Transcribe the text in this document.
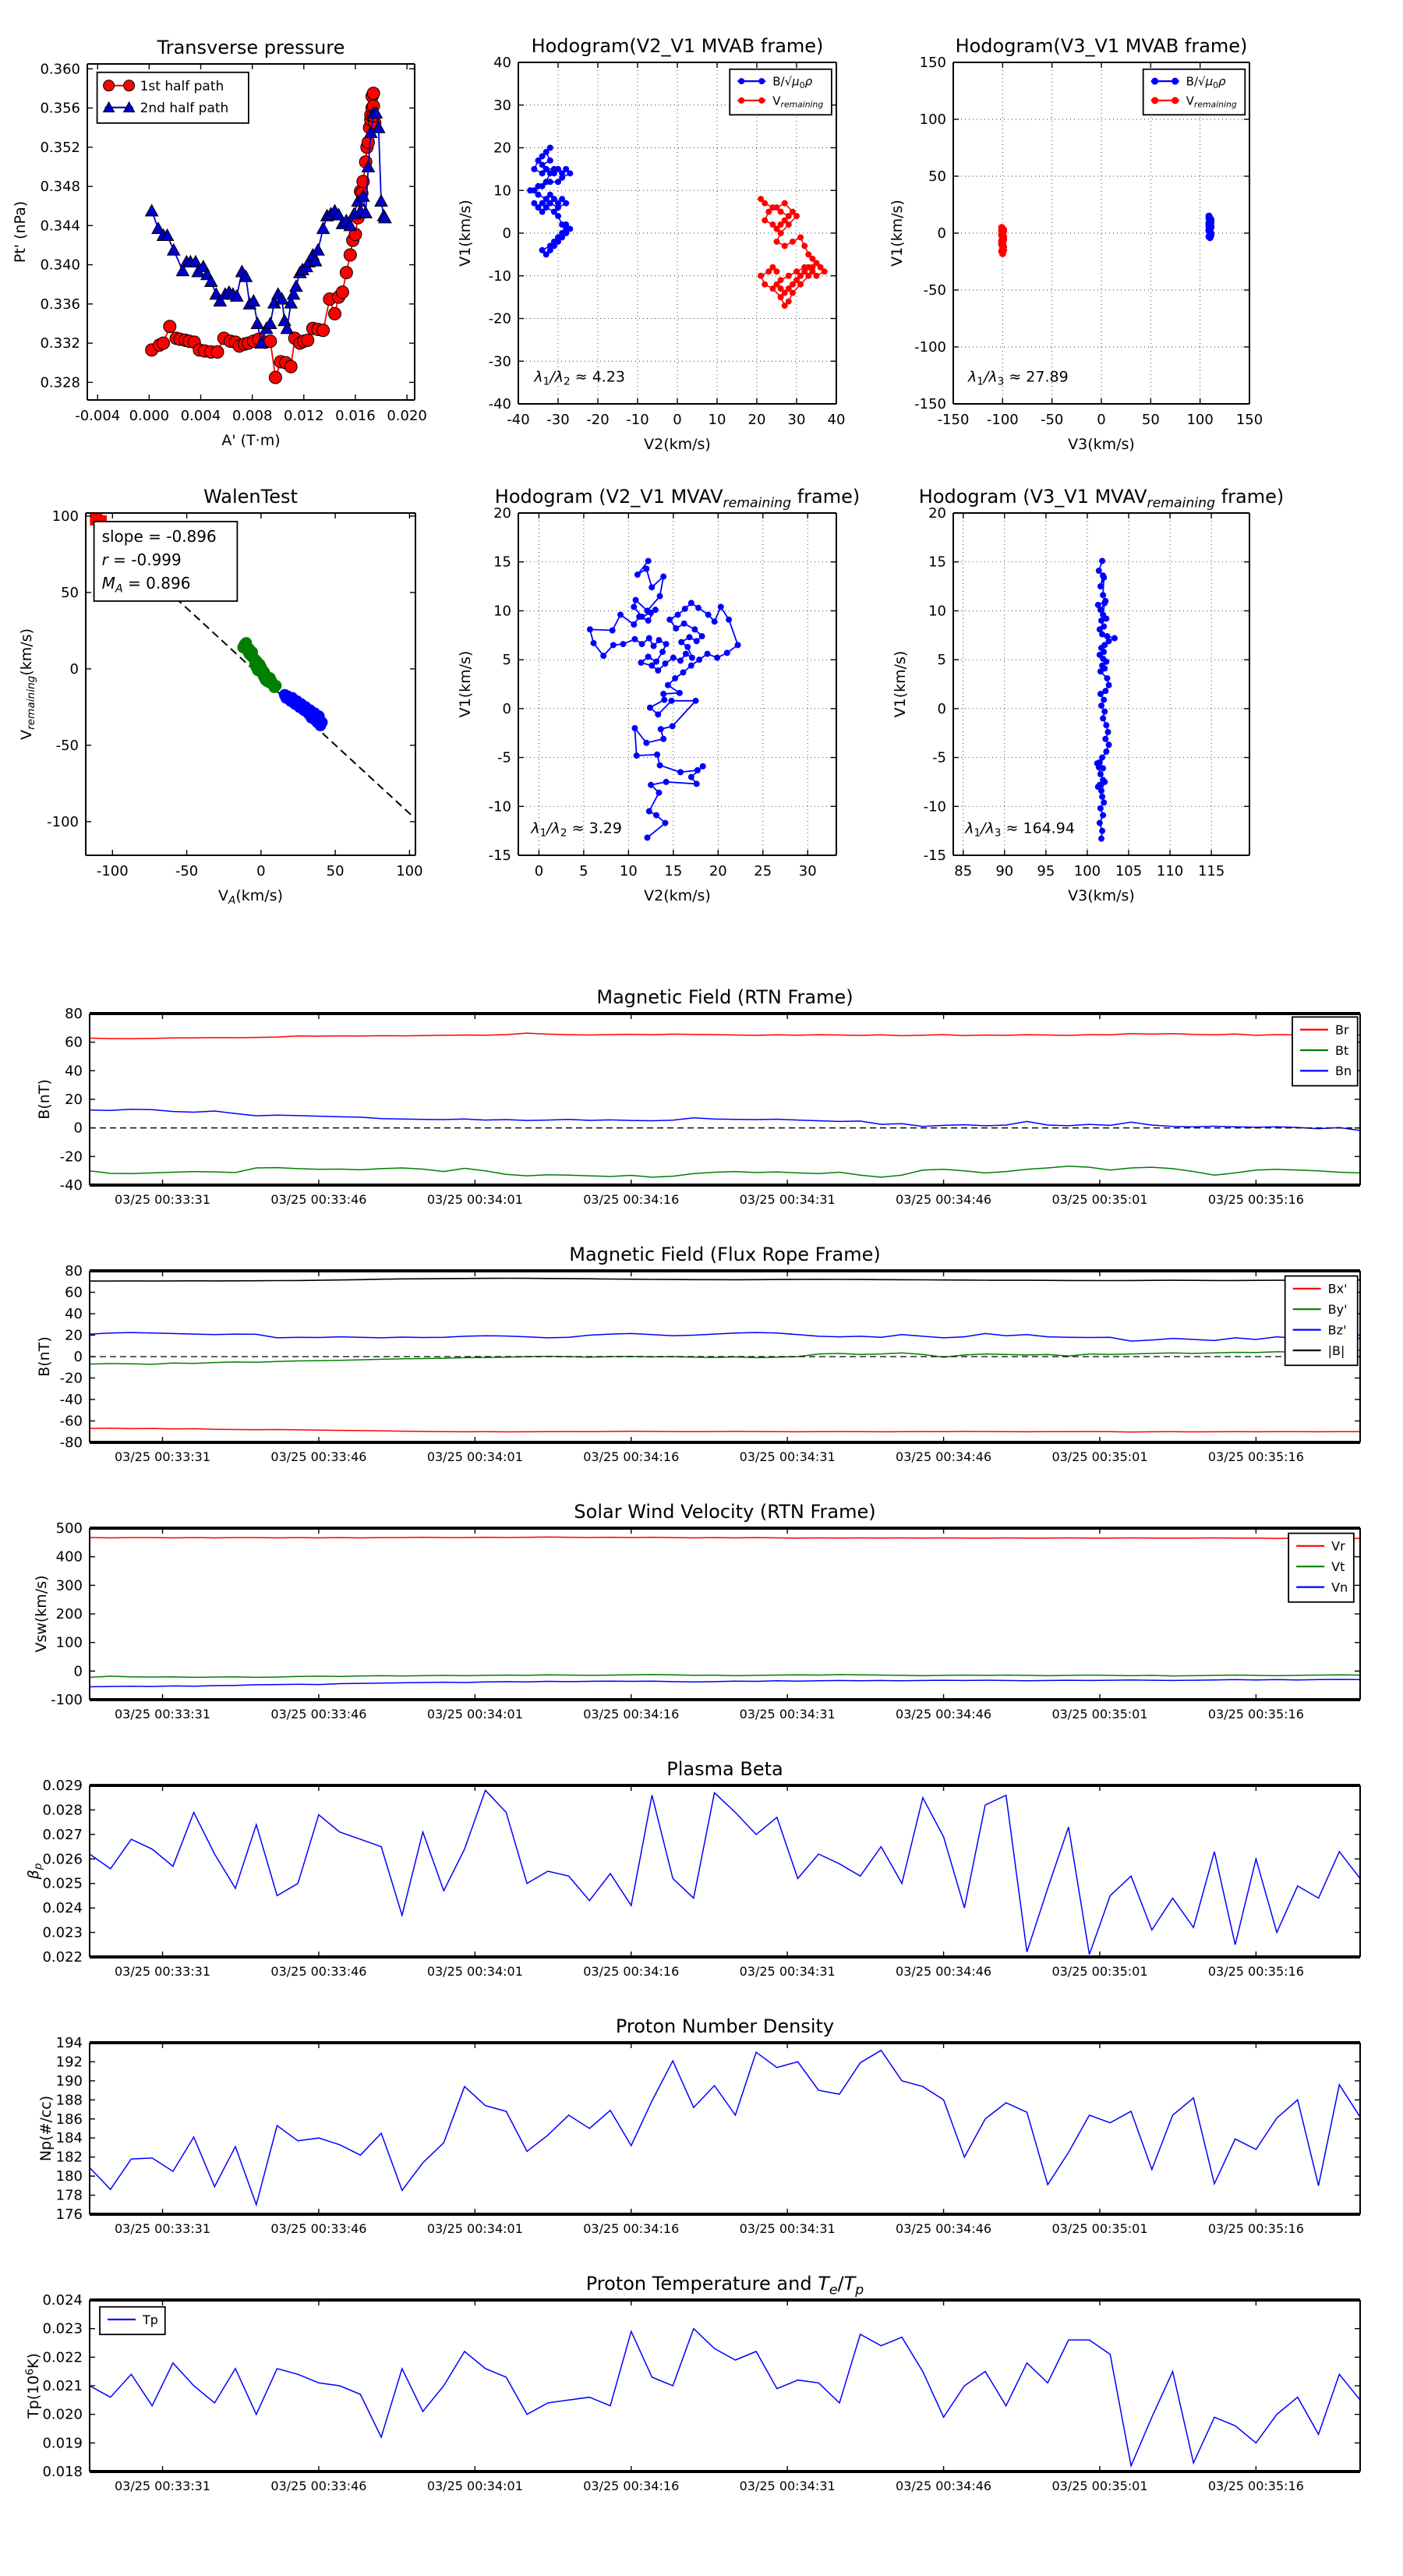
-0.004 0.000 0.004 0.008 0.012 0.016 0.020
0.328
0.332
0.336
0.340
0.344
0.348
0.352
0.356
0.360
Transverse pressure
A' (T·m)
Pt' (nPa)
1st half path
2nd half path
-40 -30 -20 -10 0 10 20 30 40
-40
-30
-20
-10
0
10
20
30
40
Hodogram(V2_V1 MVAB frame)
V2(km/s)
V1(km/s)
$B/√\mu_0\rho$
$V_{remaining}$
$\lambda_1/\lambda_2 \approx 4.23$
-150 -100 -50 0	50 100 150
-150
-100
-50
0
50
100
150
Hodogram(V3_V1 MVAB frame)
V3(km/s)
V1(km/s)
$B/√\mu_0\rho$
$V_{remaining}$
$\lambda_1/\lambda_3 \approx 27.89$
-100	-50	0	50	100
-100
-50
0
50
100
WalenTest
$V_A(km/s)$
$V_{remaining}(km/s)$
slope = -0.896
r = -0.999
$M_A = 0.896$
0	5 10 15 20 25 30
-15
-10
-5
0
5
10
15
20
Hodogram (V2_V1 $MVAV_{remaining}$ frame)
V2(km/s)
V1(km/s)
$\lambda_1/\lambda_2 \approx 3.29$
85 90 95 100 105 110 115
-15
-10
-5
0
5
10
15
20
Hodogram (V3_V1 $MVAV_{remaining}$ frame)
V3(km/s)
V1(km/s)
$\lambda_1/\lambda_3 \approx 164.94$
03/25 00:33:31	03/25 00:33:46	03/25 00:34:01	03/25 00:34:16	03/25 00:34:31	03/25 00:34:46	03/25 00:35:01	03/25 00:35:16
-40
-20
0
20
40
60
80
Magnetic Field (RTN Frame)
B(nT)
Br
Bt
Bn
03/25 00:33:31	03/25 00:33:46	03/25 00:34:01	03/25 00:34:16	03/25 00:34:31	03/25 00:34:46	03/25 00:35:01	03/25 00:35:16
-80
-60
-40
-20
0
20
40
60
80
Magnetic Field (Flux Rope Frame)
B(nT)
Bx'
By'
Bz'
|B|
03/25 00:33:31	03/25 00:33:46	03/25 00:34:01	03/25 00:34:16	03/25 00:34:31	03/25 00:34:46	03/25 00:35:01	03/25 00:35:16
-100
0
100
200
300
400
500
Solar Wind Velocity (RTN Frame)
Vsw(km/s)
Vr
Vt
Vn
03/25 00:33:31	03/25 00:33:46	03/25 00:34:01	03/25 00:34:16	03/25 00:34:31	03/25 00:34:46	03/25 00:35:01	03/25 00:35:16
0.022
0.023
0.024
0.025
0.026
0.027
0.028
0.029
Plasma Beta
$\beta_p$
03/25 00:33:31	03/25 00:33:46	03/25 00:34:01	03/25 00:34:16	03/25 00:34:31	03/25 00:34:46	03/25 00:35:01	03/25 00:35:16
176
178
180
182
184
186
188
190
192
194
Proton Number Density
Np(#/cc)
03/25 00:33:31	03/25 00:33:46	03/25 00:34:01	03/25 00:34:16	03/25 00:34:31	03/25 00:34:46	03/25 00:35:01	03/25 00:35:16
0.018
0.019
0.020
0.021
0.022
0.023
0.024
Proton Temperature and $T_e/T_p$
$Tp(10^6K)$
Tp
